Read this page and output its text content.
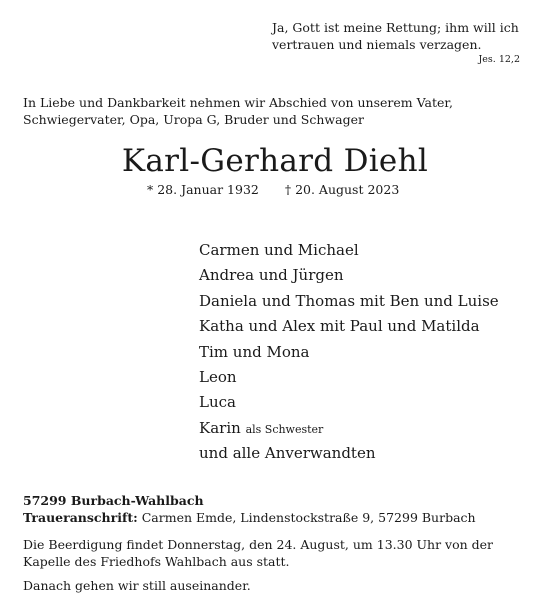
Ja, Gott ist meine Rettung; ihm will ich
vertrauen und niemals verzagen.
Jes. 12,2
In Liebe und Dankbarkeit nehmen wir Abschied von unserem Vater,
Schwiegervater, Opa, Uropa G, Bruder und Schwager
Karl-Gerhard Diehl
* 28. Januar 1932 † 20. August 2023
Carmen und Michael
Andrea und Jürgen
Daniela und Thomas mit Ben und Luise
Katha und Alex mit Paul und Matilda
Tim und Mona
Leon
Luca
Karin als Schwester
und alle Anverwandten
57299 Burbach-Wahlbach
Traueranschrift: Carmen Emde, Lindenstockstraße 9, 57299 Burbach
Die Beerdigung findet Donnerstag, den 24. August, um 13.30 Uhr von der
Kapelle des Friedhofs Wahlbach aus statt.
Danach gehen wir still auseinander.
